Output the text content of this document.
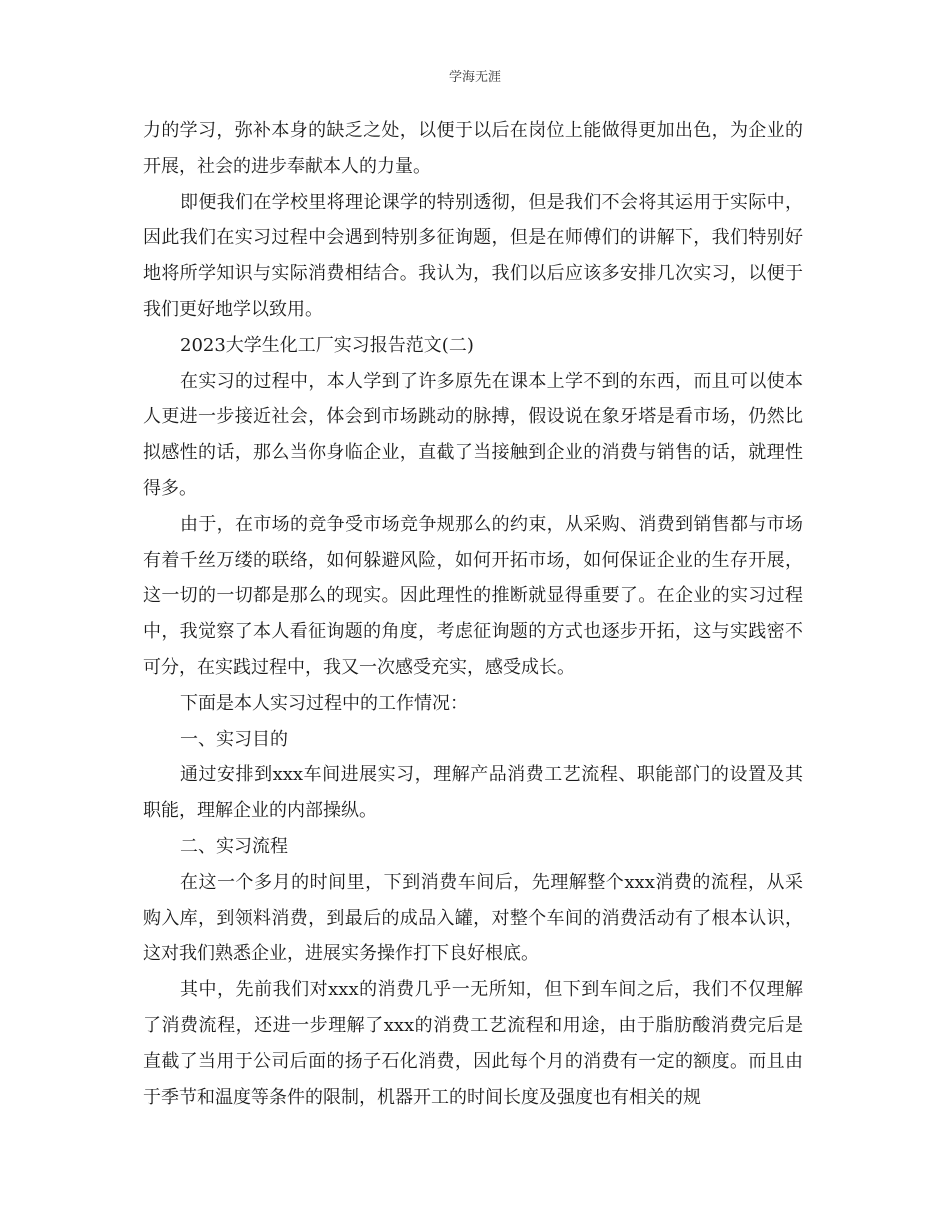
学海无涯

力的学习，弥补本身的缺乏之处，以便于以后在岗位上能做得更加出色，为企业的开展，社会的进步奉献本人的力量。

即便我们在学校里将理论课学的特别透彻，但是我们不会将其运用于实际中，因此我们在实习过程中会遇到特别多征询题，但是在师傅们的讲解下，我们特别好地将所学知识与实际消费相结合。我认为，我们以后应该多安排几次实习，以便于我们更好地学以致用。

2023大学生化工厂实习报告范文(二)

在实习的过程中，本人学到了许多原先在课本上学不到的东西，而且可以使本人更进一步接近社会，体会到市场跳动的脉搏，假设说在象牙塔是看市场，仍然比拟感性的话，那么当你身临企业，直截了当接触到企业的消费与销售的话，就理性得多。

由于，在市场的竞争受市场竞争规那么的约束，从采购、消费到销售都与市场有着千丝万缕的联络，如何躲避风险，如何开拓市场，如何保证企业的生存开展，这一切的一切都是那么的现实。因此理性的推断就显得重要了。在企业的实习过程中，我觉察了本人看征询题的角度，考虑征询题的方式也逐步开拓，这与实践密不可分，在实践过程中，我又一次感受充实，感受成长。

下面是本人实习过程中的工作情况：

一、实习目的

通过安排到xxx车间进展实习，理解产品消费工艺流程、职能部门的设置及其职能，理解企业的内部操纵。

二、实习流程

在这一个多月的时间里，下到消费车间后，先理解整个xxx消费的流程，从采购入库，到领料消费，到最后的成品入罐，对整个车间的消费活动有了根本认识，这对我们熟悉企业，进展实务操作打下良好根底。

其中，先前我们对xxx的消费几乎一无所知，但下到车间之后，我们不仅理解了消费流程，还进一步理解了xxx的消费工艺流程和用途，由于脂肪酸消费完后是直截了当用于公司后面的扬子石化消费，因此每个月的消费有一定的额度。而且由于季节和温度等条件的限制，机器开工的时间长度及强度也有相关的规
